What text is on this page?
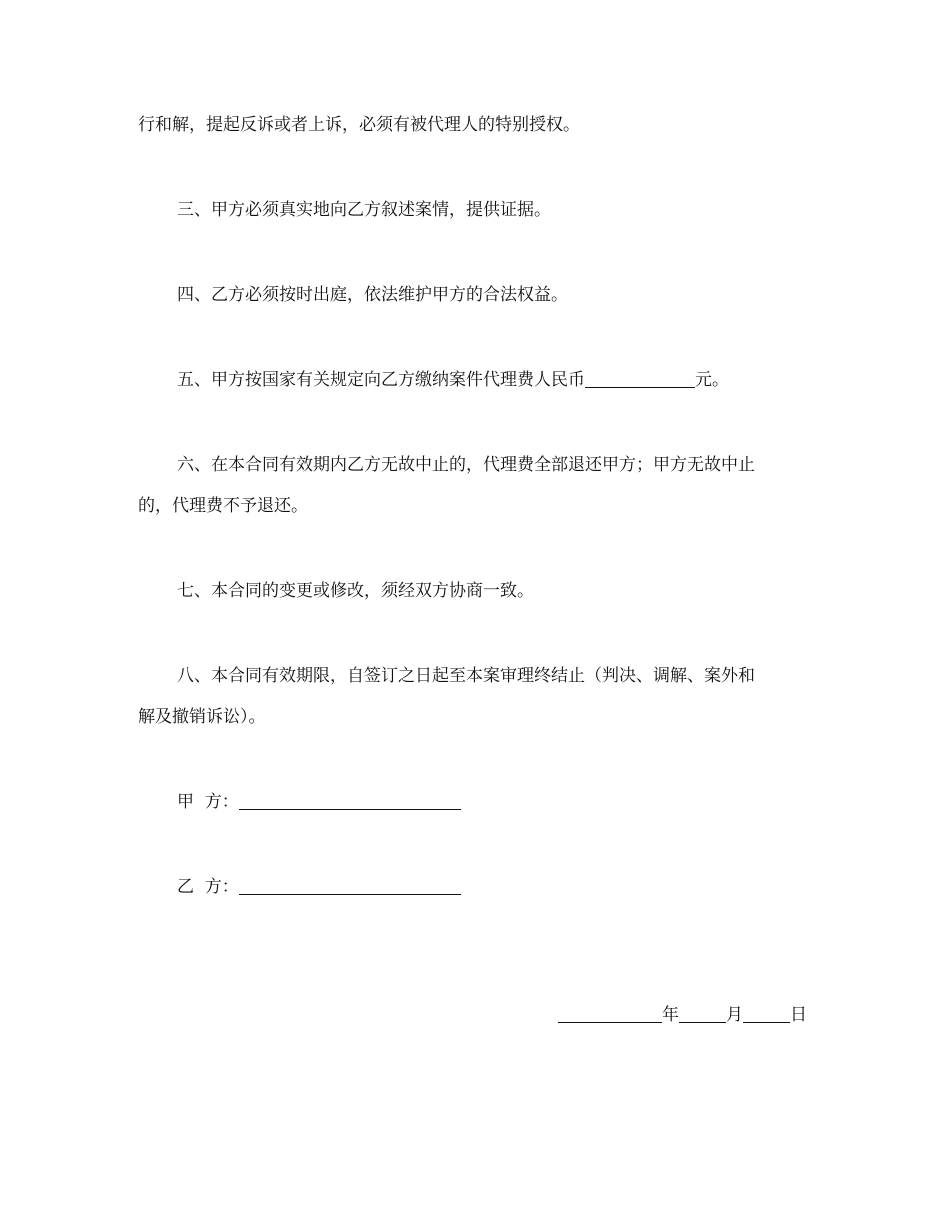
行和解，提起反诉或者上诉，必须有被代理人的特别授权。
三、甲方必须真实地向乙方叙述案情，提供证据。
四、乙方必须按时出庭，依法维护甲方的合法权益。
五、甲方按国家有关规定向乙方缴纳案件代理费人民币	元。
六、在本合同有效期内乙方无故中止的，代理费全部退还甲方；甲方无故中止
的，代理费不予退还。
七、本合同的变更或修改，须经双方协商一致。
八、本合同有效期限，自签订之日起至本案审理终结止（判决、调解、案外和
解及撤销诉讼）。
甲  方：
乙  方：
年	月	日
